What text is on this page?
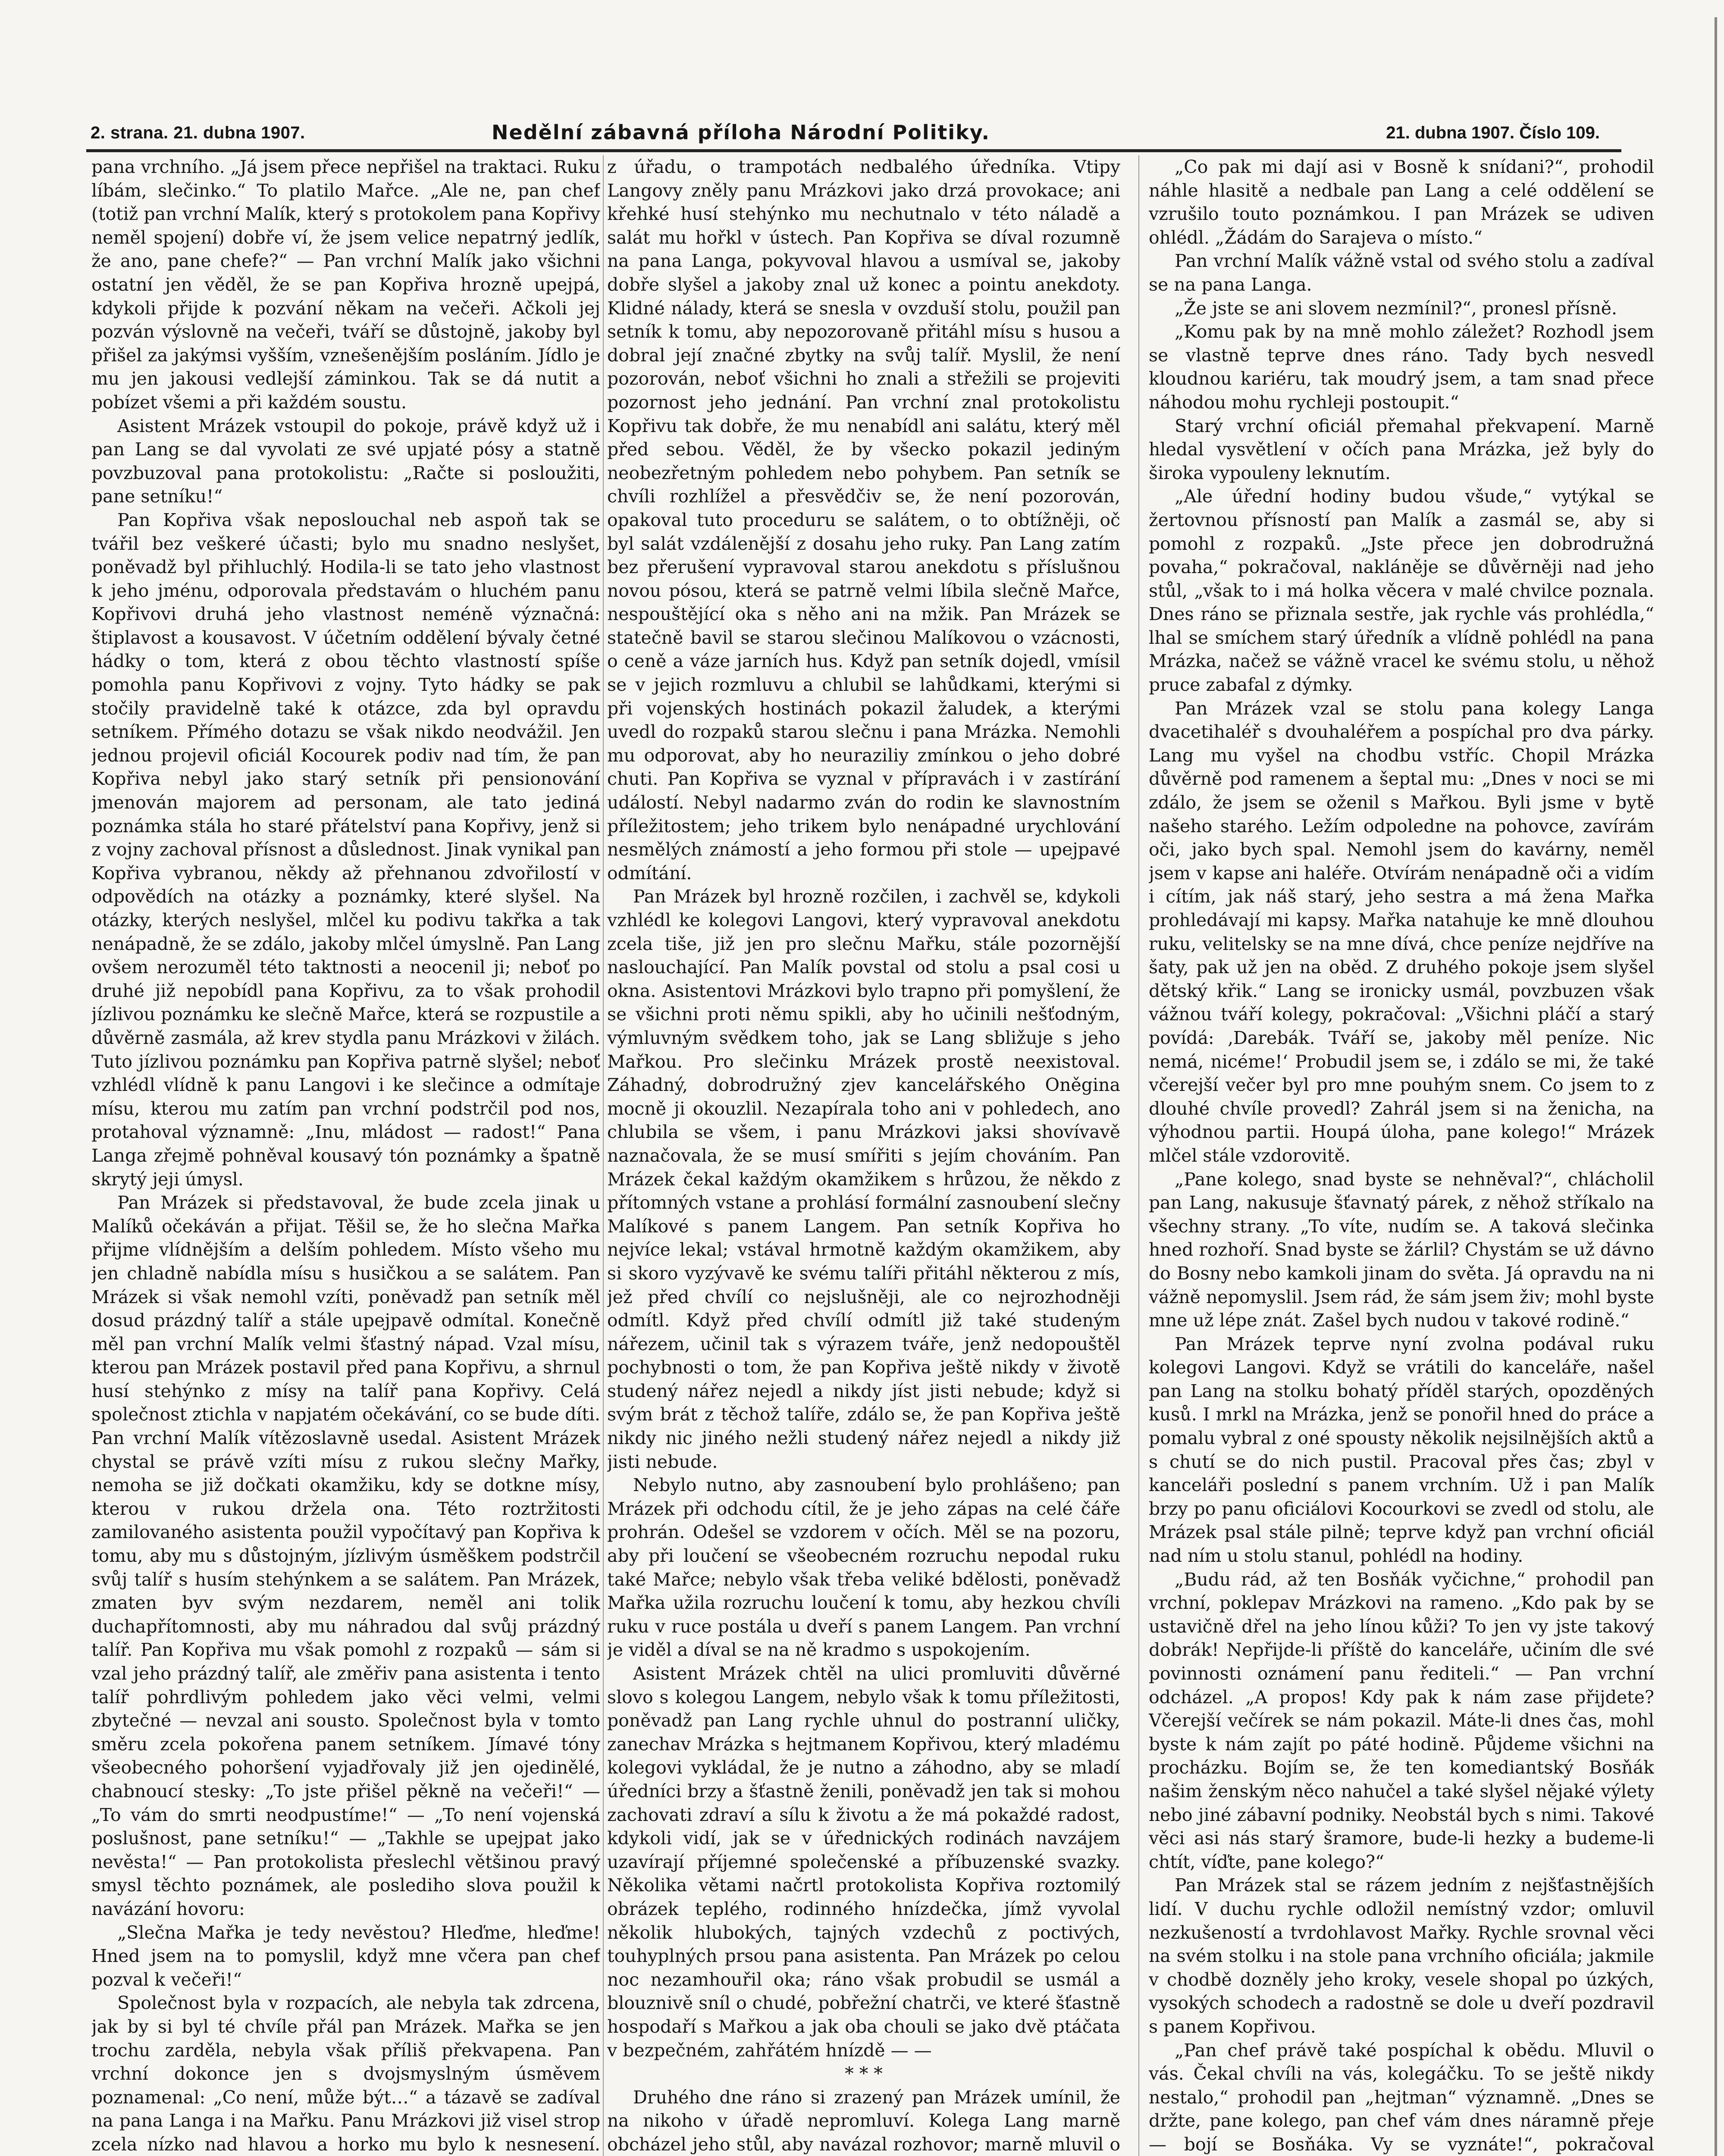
2. strana. 21. dubna 1907.	Nedělní zábavná příloha Národní Politiky.	21. dubna 1907. Číslo 109.

pana vrchního. „Já jsem přece nepřišel na traktaci. Ruku líbám, slečinko.“ To platilo Mařce. „Ale ne, pan chef (totiž pan vrchní Malík, který s protokolem pana Kopřivy neměl spojení) dobře ví, že jsem velice nepatrný jedlík, že ano, pane chefe?“ — Pan vrchní Malík jako všichni ostatní jen věděl, že se pan Kopřiva hrozně upejpá, kdykoli přijde k pozvání někam na večeři. Ačkoli jej pozván výslovně na večeři, tváří se důstojně, jakoby byl přišel za jakýmsi vyšším, vznešenějším posláním. Jídlo je mu jen jakousi vedlejší záminkou. Tak se dá nutit a pobízet všemi a při každém soustu.

Asistent Mrázek vstoupil do pokoje, právě když už i pan Lang se dal vyvolati ze své upjaté pósy a statně povzbuzoval pana protokolistu: „Račte si posloužiti, pane setníku!“

Pan Kopřiva však neposlouchal neb aspoň tak se tvářil bez veškeré účasti; bylo mu snadno neslyšet, poněvadž byl přihluchlý. Hodila-li se tato jeho vlastnost k jeho jménu, odporovala představám o hluchém panu Kopřivovi druhá jeho vlastnost neméně význačná: štiplavost a kousavost. V účetním oddělení bývaly četné hádky o tom, která z obou těchto vlastností spíše pomohla panu Kopřivovi z vojny. Tyto hádky se pak stočily pravidelně také k otázce, zda byl opravdu setníkem. Přímého dotazu se však nikdo neodvážil. Jen jednou projevil oficiál Kocourek podiv nad tím, že pan Kopřiva nebyl jako starý setník při pensionování jmenován majorem ad personam, ale tato jediná poznámka stála ho staré přátelství pana Kopřivy, jenž si z vojny zachoval přísnost a důslednost. Jinak vynikal pan Kopřiva vybranou, někdy až přehnanou zdvořilostí v odpovědích na otázky a poznámky, které slyšel. Na otázky, kterých neslyšel, mlčel ku podivu takřka a tak nenápadně, že se zdálo, jakoby mlčel úmyslně. Pan Lang ovšem nerozuměl této taktnosti a neocenil ji; neboť po druhé již nepobídl pana Kopřivu, za to však prohodil jízlivou poznámku ke slečně Mařce, která se rozpustile a důvěrně zasmála, až krev stydla panu Mrázkovi v žilách. Tuto jízlivou poznámku pan Kopřiva patrně slyšel; neboť vzhlédl vlídně k panu Langovi i ke slečince a odmítaje mísu, kterou mu zatím pan vrchní podstrčil pod nos, protahoval významně: „Inu, mládost — radost!“ Pana Langa zřejmě pohněval kousavý tón poznámky a špatně skrytý jeji úmysl.

Pan Mrázek si představoval, že bude zcela jinak u Malíků očekáván a přijat. Těšil se, že ho slečna Mařka přijme vlídnějším a delším pohledem. Místo všeho mu jen chladně nabídla mísu s husičkou a se salátem. Pan Mrázek si však nemohl vzíti, poněvadž pan setník měl dosud prázdný talíř a stále upejpavě odmítal. Konečně měl pan vrchní Malík velmi šťastný nápad. Vzal mísu, kterou pan Mrázek postavil před pana Kopřivu, a shrnul husí stehýnko z mísy na talíř pana Kopřivy. Celá společnost ztichla v napjatém očekávání, co se bude díti. Pan vrchní Malík vítězoslavně usedal. Asistent Mrázek chystal se právě vzíti mísu z rukou slečny Mařky, nemoha se již dočkati okamžiku, kdy se dotkne mísy, kterou v rukou držela ona. Této roztržitosti zamilovaného asistenta použil vypočítavý pan Kopřiva k tomu, aby mu s důstojným, jízlivým úsměškem podstrčil svůj talíř s husím stehýnkem a se salátem. Pan Mrázek, zmaten byv svým nezdarem, neměl ani tolik duchapřítomnosti, aby mu náhradou dal svůj prázdný talíř. Pan Kopřiva mu však pomohl z rozpaků — sám si vzal jeho prázdný talíř, ale změřiv pana asistenta i tento talíř pohrdlivým pohledem jako věci velmi, velmi zbytečné — nevzal ani sousto. Společnost byla v tomto směru zcela pokořena panem setníkem. Jímavé tóny všeobecného pohoršení vyjadřovaly již jen ojedinělé, chabnoucí stesky: „To jste přišel pěkně na večeři!“ — „To vám do smrti neodpustíme!“ — „To není vojenská poslušnost, pane setníku!“ — „Takhle se upejpat jako nevěsta!“ — Pan protokolista přeslechl většinou pravý smysl těchto poznámek, ale poslediho slova použil k navázání hovoru:

„Slečna Mařka je tedy nevěstou? Hleďme, hleďme! Hned jsem na to pomyslil, když mne včera pan chef pozval k večeři!“

Společnost byla v rozpacích, ale nebyla tak zdrcena, jak by si byl té chvíle přál pan Mrázek. Mařka se jen trochu zarděla, nebyla však příliš překvapena. Pan vrchní dokonce jen s dvojsmyslným úsměvem poznamenal: „Co není, může být…“ a tázavě se zadíval na pana Langa i na Mařku. Panu Mrázkovi již visel strop zcela nízko nad hlavou a horko mu bylo k nesnesení.

z úřadu, o trampotách nedbalého úředníka. Vtipy Langovy zněly panu Mrázkovi jako drzá provokace; ani křehké husí stehýnko mu nechutnalo v této náladě a salát mu hořkl v ústech. Pan Kopřiva se díval rozumně na pana Langa, pokyvoval hlavou a usmíval se, jakoby dobře slyšel a jakoby znal už konec a pointu anekdoty. Klidné nálady, která se snesla v ovzduší stolu, použil pan setník k tomu, aby nepozorovaně přitáhl mísu s husou a dobral její značné zbytky na svůj talíř. Myslil, že není pozorován, neboť všichni ho znali a střežili se projeviti pozornost jeho jednání. Pan vrchní znal protokolistu Kopřivu tak dobře, že mu nenabídl ani salátu, který měl před sebou. Věděl, že by všecko pokazil jediným neobezřetným pohledem nebo pohybem. Pan setník se chvíli rozhlížel a přesvědčiv se, že není pozorován, opakoval tuto proceduru se salátem, o to obtížněji, oč byl salát vzdálenější z dosahu jeho ruky. Pan Lang zatím bez přerušení vypravoval starou anekdotu s příslušnou novou pósou, která se patrně velmi líbila slečně Mařce, nespouštějící oka s něho ani na mžik. Pan Mrázek se statečně bavil se starou slečinou Malíkovou o vzácnosti, o ceně a váze jarních hus. Když pan setník dojedl, vmísil se v jejich rozmluvu a chlubil se lahůdkami, kterými si při vojenských hostinách pokazil žaludek, a kterými uvedl do rozpaků starou slečnu i pana Mrázka. Nemohli mu odporovat, aby ho neuraziliy zmínkou o jeho dobré chuti. Pan Kopřiva se vyznal v přípravách i v zastírání událostí. Nebyl nadarmo zván do rodin ke slavnostním příležitostem; jeho trikem bylo nenápadné urychlování nesmělých známostí a jeho formou při stole — upejpavé odmítání.

Pan Mrázek byl hrozně rozčilen, i zachvěl se, kdykoli vzhlédl ke kolegovi Langovi, který vypravoval anekdotu zcela tiše, již jen pro slečnu Mařku, stále pozornější naslouchající. Pan Malík povstal od stolu a psal cosi u okna. Asistentovi Mrázkovi bylo trapno při pomyšlení, že se všichni proti němu spikli, aby ho učinili nešťodným, výmluvným svědkem toho, jak se Lang sbližuje s jeho Mařkou. Pro slečinku Mrázek prostě neexistoval. Záhadný, dobrodružný zjev kancelářského Oněgina mocně ji okouzlil. Nezapírala toho ani v pohledech, ano chlubila se všem, i panu Mrázkovi jaksi shovívavě naznačovala, že se musí smířiti s jejím chováním. Pan Mrázek čekal každým okamžikem s hrůzou, že někdo z přítomných vstane a prohlásí formální zasnoubení slečny Malíkové s panem Langem. Pan setník Kopřiva ho nejvíce lekal; vstával hrmotně každým okamžikem, aby si skoro vyzývavě ke svému talíři přitáhl některou z mís, jež před chvílí co nejslušněji, ale co nejrozhodněji odmítl. Když před chvílí odmítl již také studeným nářezem, učinil tak s výrazem tváře, jenž nedopouštěl pochybnosti o tom, že pan Kopřiva ještě nikdy v životě studený nářez nejedl a nikdy jíst jisti nebude; když si svým brát z těchož talíře, zdálo se, že pan Kopřiva ještě nikdy nic jiného nežli studený nářez nejedl a nikdy již jisti nebude.

Nebylo nutno, aby zasnoubení bylo prohlášeno; pan Mrázek při odchodu cítil, že je jeho zápas na celé čáře prohrán. Odešel se vzdorem v očích. Měl se na pozoru, aby při loučení se všeobecném rozruchu nepodal ruku také Mařce; nebylo však třeba veliké bdělosti, poněvadž Mařka užila rozruchu loučení k tomu, aby hezkou chvíli ruku v ruce postála u dveří s panem Langem. Pan vrchní je viděl a díval se na ně kradmo s uspokojením.

Asistent Mrázek chtěl na ulici promluviti důvěrné slovo s kolegou Langem, nebylo však k tomu příležitosti, poněvadž pan Lang rychle uhnul do postranní uličky, zanechav Mrázka s hejtmanem Kopřivou, který mladému kolegovi vykládal, že je nutno a záhodno, aby se mladí úředníci brzy a šťastně ženili, poněvadž jen tak si mohou zachovati zdraví a sílu k životu a že má pokaždé radost, kdykoli vidí, jak se v úřednických rodinách navzájem uzavírají příjemné společenské a příbuzenské svazky. Několika větami načrtl protokolista Kopřiva roztomilý obrázek teplého, rodinného hnízdečka, jímž vyvolal několik hlubokých, tajných vzdechů z poctivých, touhyplných prsou pana asistenta. Pan Mrázek po celou noc nezamhouřil oka; ráno však probudil se usmál a blouznivě sníl o chudé, pobřežní chatrči, ve které šťastně hospodaří s Mařkou a jak oba chouli se jako dvě ptáčata v bezpečném, zahřátém hnízdě — —

* * *

Druhého dne ráno si zrazený pan Mrázek umínil, že na nikoho v úřadě nepromluví. Kolega Lang marně obcházel jeho stůl, aby navázal rozhovor; marně mluvil o

„Co pak mi dají asi v Bosně k snídani?“, prohodil náhle hlasitě a nedbale pan Lang a celé oddělení se vzrušilo touto poznámkou. I pan Mrázek se udiven ohlédl. „Žádám do Sarajeva o místo.“

Pan vrchní Malík vážně vstal od svého stolu a zadíval se na pana Langa.

„Že jste se ani slovem nezmínil?“, pronesl přísně.

„Komu pak by na mně mohlo záležet? Rozhodl jsem se vlastně teprve dnes ráno. Tady bych nesvedl kloudnou kariéru, tak moudrý jsem, a tam snad přece náhodou mohu rychleji postoupit.“

Starý vrchní oficiál přemahal překvapení. Marně hledal vysvětlení v očích pana Mrázka, jež byly do široka vypouleny leknutím.

„Ale úřední hodiny budou všude,“ vytýkal se žertovnou přísností pan Malík a zasmál se, aby si pomohl z rozpaků. „Jste přece jen dobrodružná povaha,“ pokračoval, nakláněje se důvěrněji nad jeho stůl, „však to i má holka věcera v malé chvilce poznala. Dnes ráno se přiznala sestře, jak rychle vás prohlédla,“ lhal se smíchem starý úředník a vlídně pohlédl na pana Mrázka, načež se vážně vracel ke svému stolu, u něhož pruce zabafal z dýmky.

Pan Mrázek vzal se stolu pana kolegy Langa dvacetihaléř s dvouhaléřem a pospíchal pro dva párky. Lang mu vyšel na chodbu vstříc. Chopil Mrázka důvěrně pod ramenem a šeptal mu: „Dnes v noci se mi zdálo, že jsem se oženil s Mařkou. Byli jsme v bytě našeho starého. Ležím odpoledne na pohovce, zavírám oči, jako bych spal. Nemohl jsem do kavárny, neměl jsem v kapse ani haléře. Otvírám nenápadně oči a vidím i cítím, jak náš starý, jeho sestra a má žena Mařka prohledávají mi kapsy. Mařka natahuje ke mně dlouhou ruku, velitelsky se na mne dívá, chce peníze nejdříve na šaty, pak už jen na oběd. Z druhého pokoje jsem slyšel dětský křik.“ Lang se ironicky usmál, povzbuzen však vážnou tváří kolegy, pokračoval: „Všichni pláčí a starý povídá: ‚Darebák. Tváří se, jakoby měl peníze. Nic nemá, nicéme!‘ Probudil jsem se, i zdálo se mi, že také včerejší večer byl pro mne pouhým snem. Co jsem to z dlouhé chvíle provedl? Zahrál jsem si na ženicha, na výhodnou partii. Houpá úloha, pane kolego!“ Mrázek mlčel stále vzdorovitě.

„Pane kolego, snad byste se nehněval?“, chlácholil pan Lang, nakusuje šťavnatý párek, z něhož stříkalo na všechny strany. „To víte, nudím se. A taková slečinka hned rozhoří. Snad byste se žárlil? Chystám se už dávno do Bosny nebo kamkoli jinam do světa. Já opravdu na ni vážně nepomyslil. Jsem rád, že sám jsem živ; mohl byste mne už lépe znát. Zašel bych nudou v takové rodině.“

Pan Mrázek teprve nyní zvolna podával ruku kolegovi Langovi. Když se vrátili do kanceláře, našel pan Lang na stolku bohatý příděl starých, opozděných kusů. I mrkl na Mrázka, jenž se ponořil hned do práce a pomalu vybral z oné spousty několik nejsilnějších aktů a s chutí se do nich pustil. Pracoval přes čas; zbyl v kanceláři poslední s panem vrchním. Už i pan Malík brzy po panu oficiálovi Kocourkovi se zvedl od stolu, ale Mrázek psal stále pilně; teprve když pan vrchní oficiál nad ním u stolu stanul, pohlédl na hodiny.

„Budu rád, až ten Bosňák vyčichne,“ prohodil pan vrchní, poklepav Mrázkovi na rameno. „Kdo pak by se ustavičně dřel na jeho línou kůži? To jen vy jste takový dobrák! Nepřijde-li příště do kanceláře, učiním dle své povinnosti oznámení panu řediteli.“ — Pan vrchní odcházel. „A propos! Kdy pak k nám zase přijdete? Včerejší večírek se nám pokazil. Máte-li dnes čas, mohl byste k nám zajít po páté hodině. Půjdeme všichni na procházku. Bojím se, že ten komediantský Bosňák našim ženským něco nahučel a také slyšel nějaké výlety nebo jiné zábavní podniky. Neobstál bych s nimi. Takové věci asi nás starý šramore, bude-li hezky a budeme-li chtít, víďte, pane kolego?“

Pan Mrázek stal se rázem jedním z nejšťastnějších lidí. V duchu rychle odložil nemístný vzdor; omluvil nezkušeností a tvrdohlavost Mařky. Rychle srovnal věci na svém stolku i na stole pana vrchního oficiála; jakmile v chodbě dozněly jeho kroky, vesele shopal po úzkých, vysokých schodech a radostně se dole u dveří pozdravil s panem Kopřivou.

„Pan chef právě také pospíchal k obědu. Mluvil o vás. Čekal chvíli na vás, kolegáčku. To se ještě nikdy nestalo,“ prohodil pan „hejtman“ významně. „Dnes se držte, pane kolego, pan chef vám dnes náramně přeje — bojí se Bosňáka. Vy se vyznáte!“, pokračoval
